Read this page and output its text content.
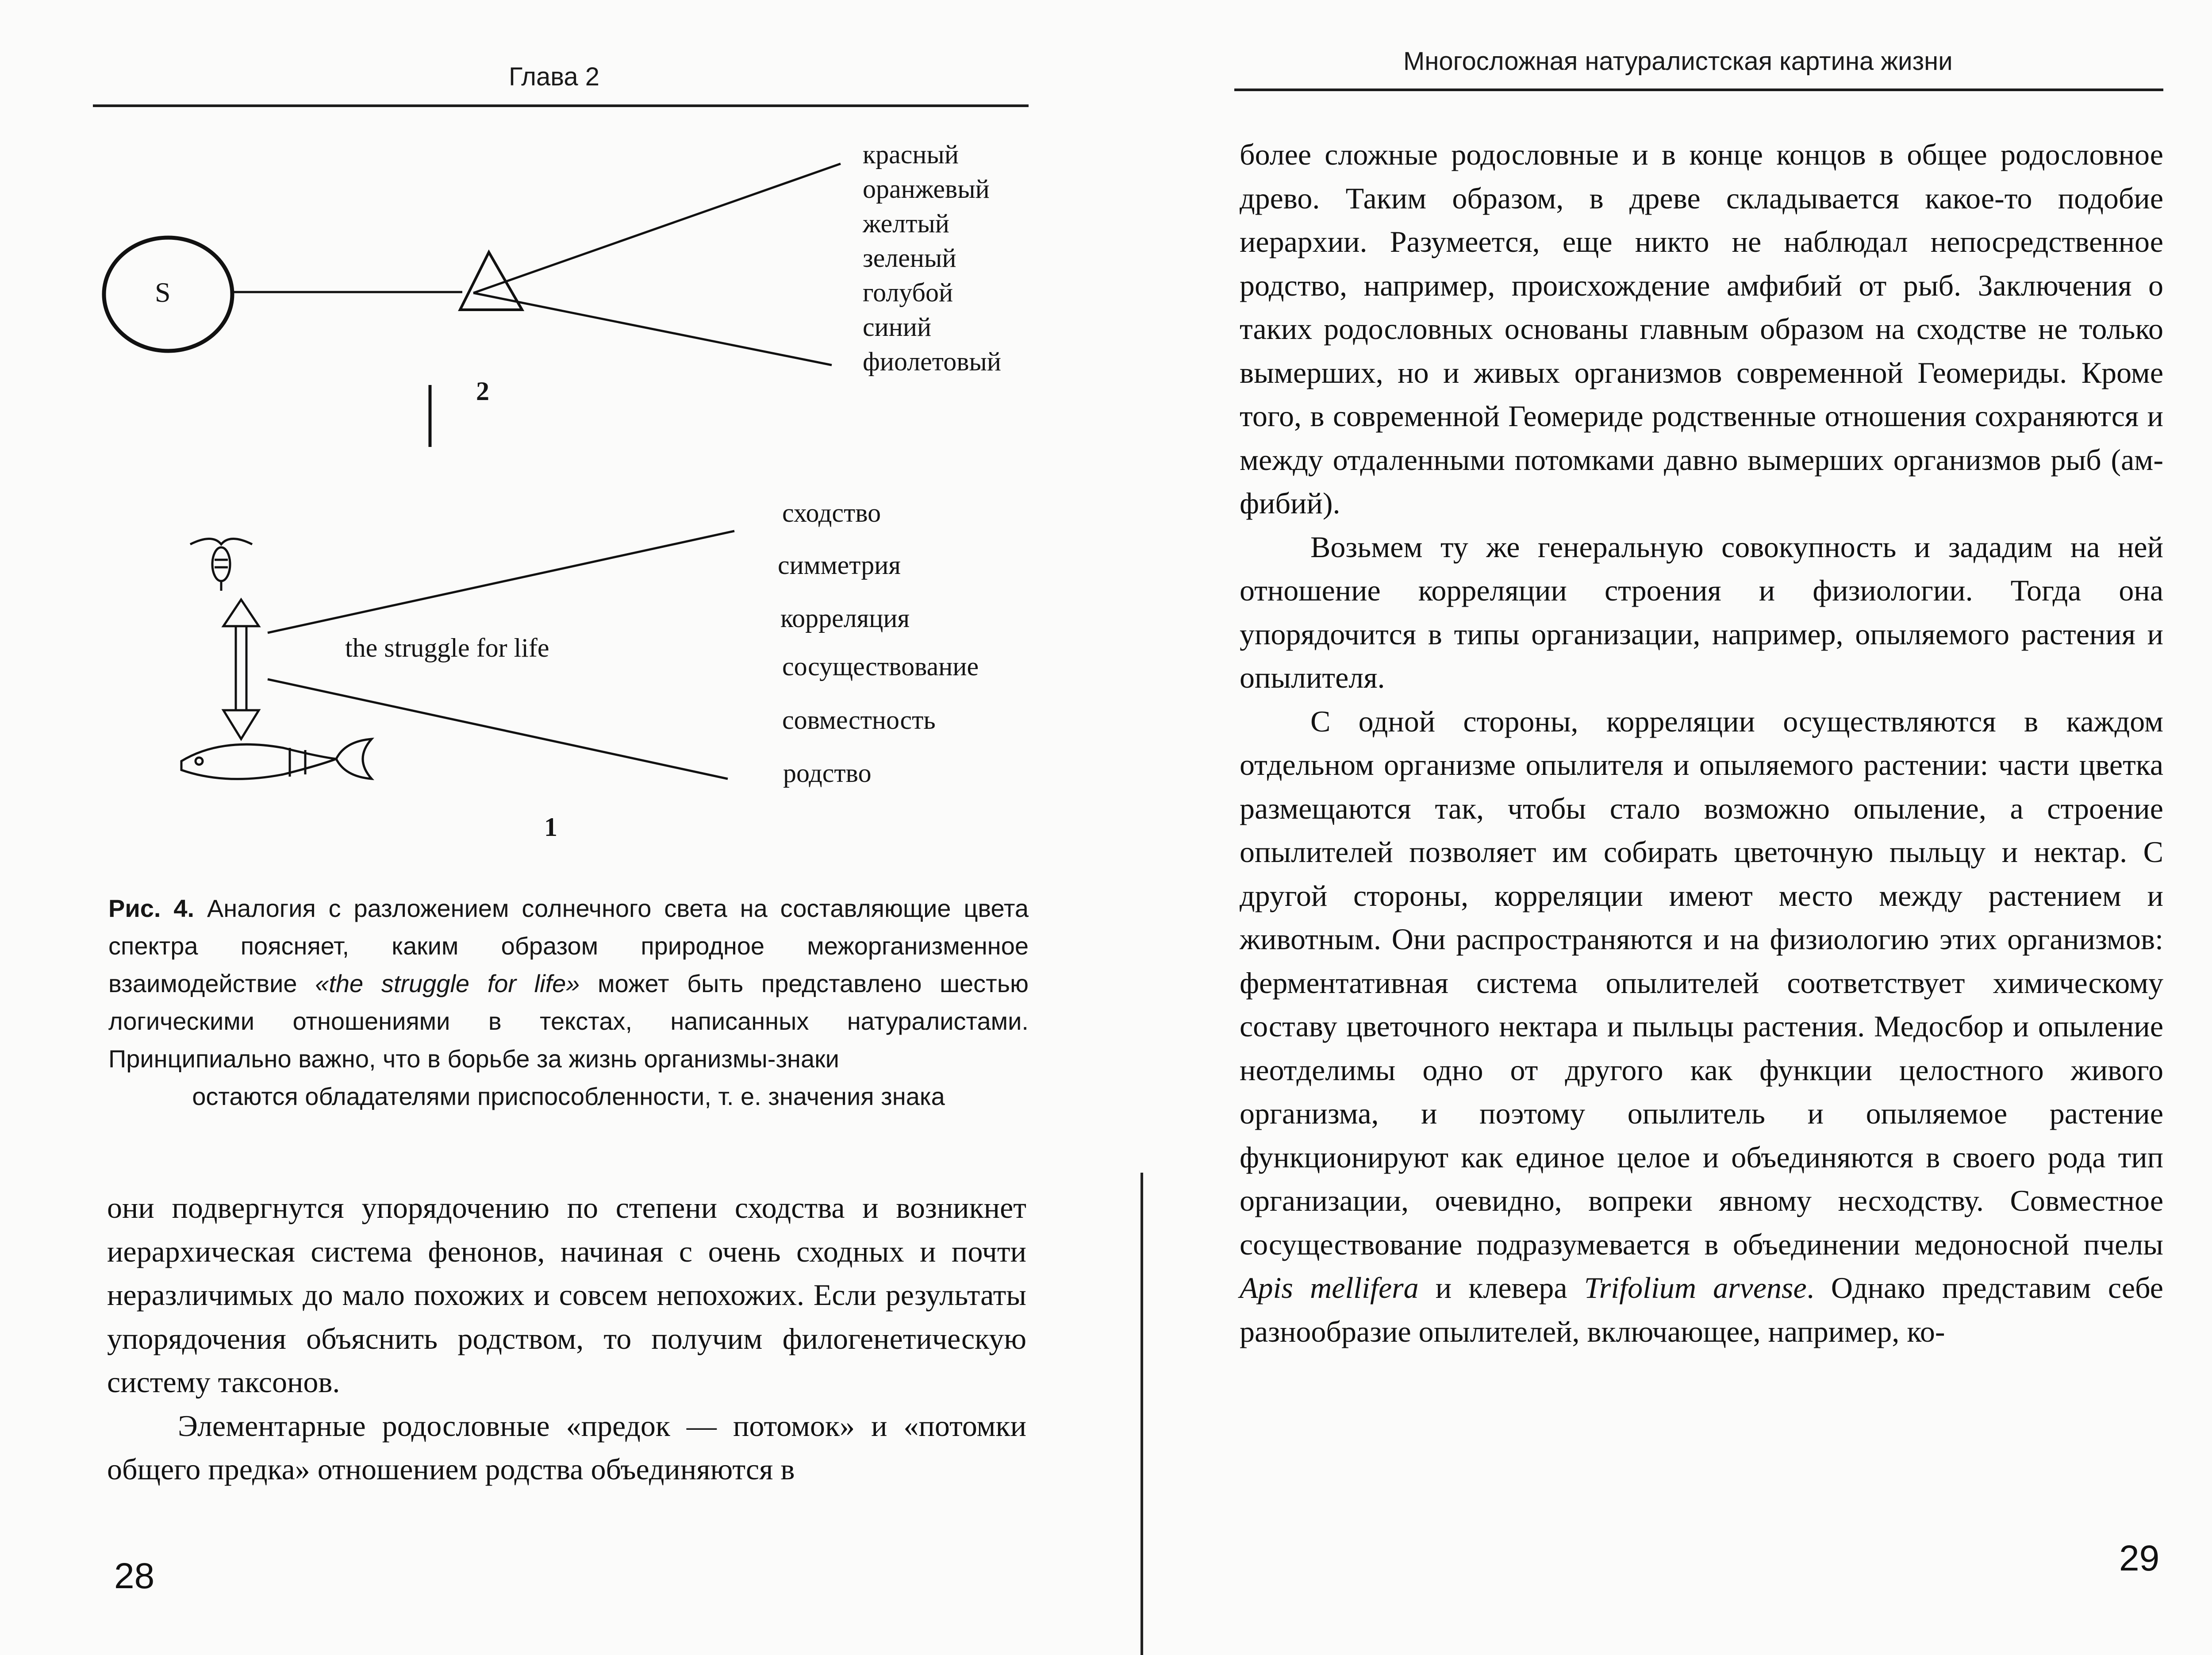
Глава 2
S
2
красный
оранжевый
желтый
зеленый
голубой
синий
фиолетовый
the struggle for life
1
сходство
симметрия
корреляция
сосуществование
совместность
родство
Рис. 4. Аналогия с разложением солнечного света на составляющие цвета спектра поясняет, каким образом природное межорганизменное взаимодействие «the struggle for life» может быть представлено шестью логическими отношениями в текстах, написанных натуралистами. Принципиально важно, что в борьбе за жизнь организмы-знаки
остаются обладателями приспособленности, т. е. значения знака

они подвергнутся упорядочению по степени сходства и возникнет иерархическая система фенонов, начиная с очень сходных и почти неразличимых до мало похожих и совсем непохожих. Если результаты упорядочения объяснить родством, то получим филогенетическую систему таксонов.

Элементарные родословные «предок — потомок» и «потомки общего предка» отношением родства объединяются в

28
Многосложная натуралистская картина жизни

более сложные родословные и в конце концов в общее родословное древо. Таким образом, в древе складывается какое-то подобие иерархии. Разумеется, еще никто не наблюдал непосредственное родство, например, происхождение амфибий от рыб. Заключения о таких родословных основаны главным образом на сходстве не только вымерших, но и живых организмов современной Геомериды. Кроме того, в современной Геомериде родственные отношения сохраняются и между отдаленными потомками давно вымерших организмов рыб (амфибий).

Возьмем ту же генеральную совокупность и зададим на ней отношение корреляции строения и физиологии. Тогда она упорядочится в типы организации, например, опыляемого растения и опылителя.

С одной стороны, корреляции осуществляются в каждом отдельном организме опылителя и опыляемого растении: части цветка размещаются так, чтобы стало возможно опыление, а строение опылителей позволяет им собирать цветочную пыльцу и нектар. С другой стороны, корреляции имеют место между растением и животным. Они распространяются и на физиологию этих организмов: ферментативная система опылителей соответствует химическому составу цветочного нектара и пыльцы растения. Медосбор и опыление неотделимы одно от другого как функции целостного живого организма, и поэтому опылитель и опыляемое растение функционируют как единое целое и объединяются в своего рода тип организации, очевидно, вопреки явному несходству. Совместное сосуществование подразумевается в объединении медоносной пчелы Apis mellifera и клевера Trifolium arvense. Однако представим себе разнообразие опылителей, включающее, например, ко-

29
